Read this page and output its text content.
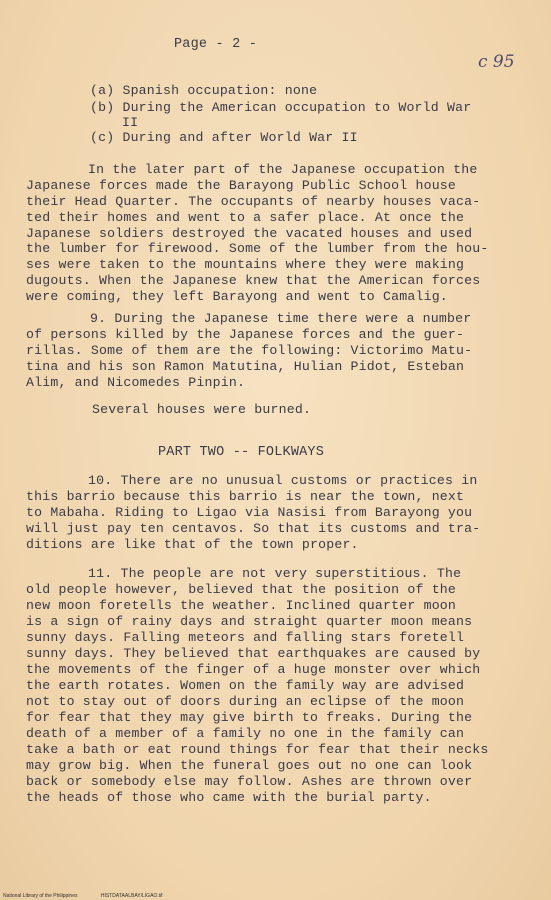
Page - 2 -
c 95
(a) Spanish occupation: none
(b) During the American occupation to World War
II
(c) During and after World War II
In the later part of the Japanese occupation the
Japanese forces made the Barayong Public School house
their Head Quarter. The occupants of nearby houses vaca-
ted their homes and went to a safer place. At once the
Japanese soldiers destroyed the vacated houses and used
the lumber for firewood. Some of the lumber from the hou-
ses were taken to the mountains where they were making
dugouts. When the Japanese knew that the American forces
were coming, they left Barayong and went to Camalig.
9. During the Japanese time there were a number
of persons killed by the Japanese forces and the guer-
rillas. Some of them are the following: Victorimo Matu-
tina and his son Ramon Matutina, Hulian Pidot, Esteban
Alim, and Nicomedes Pinpin.
Several houses were burned.
PART TWO -- FOLKWAYS
10. There are no unusual customs or practices in
this barrio because this barrio is near the town, next
to Mabaha. Riding to Ligao via Nasisi from Barayong you
will just pay ten centavos. So that its customs and tra-
ditions are like that of the town proper.
11. The people are not very superstitious. The
old people however, believed that the position of the
new moon foretells the weather. Inclined quarter moon
is a sign of rainy days and straight quarter moon means
sunny days. Falling meteors and falling stars foretell
sunny days. They believed that earthquakes are caused by
the movements of the finger of a huge monster over which
the earth rotates. Women on the family way are advised
not to stay out of doors during an eclipse of the moon
for fear that they may give birth to freaks. During the
death of a member of a family no one in the family can
take a bath or eat round things for fear that their necks
may grow big. When the funeral goes out no one can look
back or somebody else may follow. Ashes are thrown over
the heads of those who came with the burial party.
National Library of the Philippines	HISTDATAALBAY/LIGAO.tif
